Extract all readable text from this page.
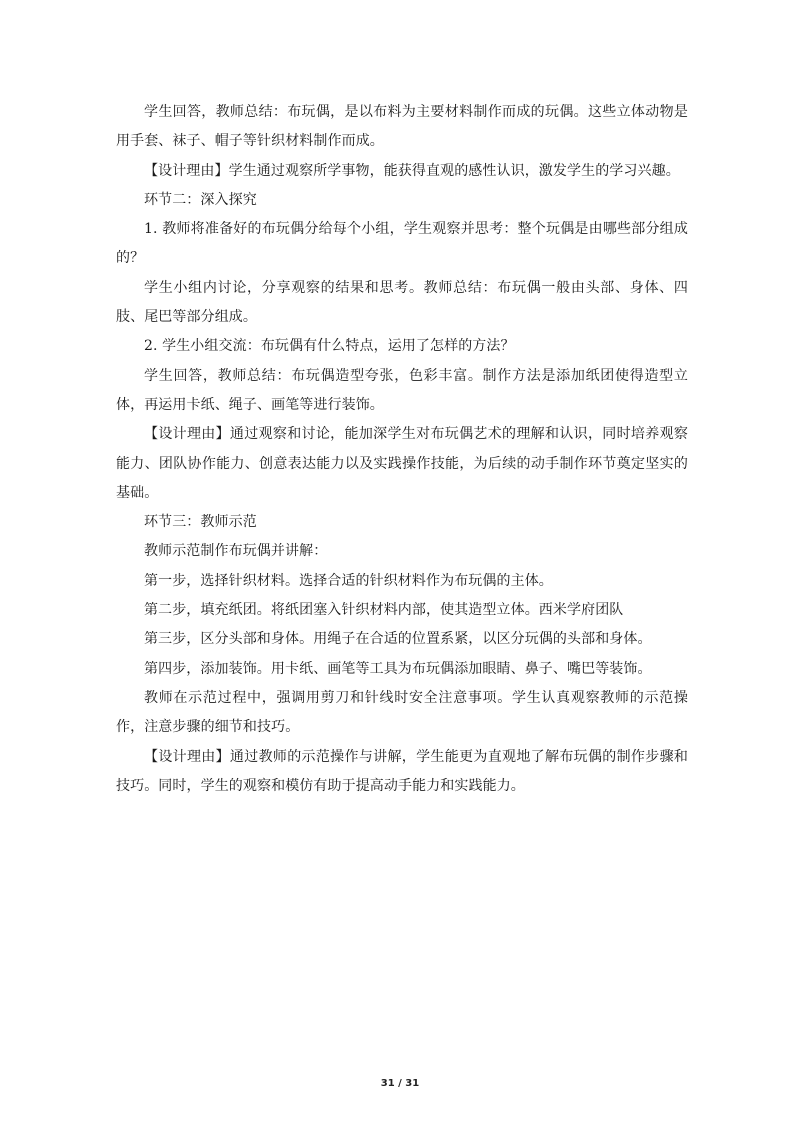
学生回答，教师总结：布玩偶，是以布料为主要材料制作而成的玩偶。这些立体动物是用手套、袜子、帽子等针织材料制作而成。

【设计理由】学生通过观察所学事物，能获得直观的感性认识，激发学生的学习兴趣。

环节二：深入探究

1. 教师将准备好的布玩偶分给每个小组，学生观察并思考：整个玩偶是由哪些部分组成的？

学生小组内讨论，分享观察的结果和思考。教师总结：布玩偶一般由头部、身体、四肢、尾巴等部分组成。

2. 学生小组交流：布玩偶有什么特点，运用了怎样的方法？

学生回答，教师总结：布玩偶造型夸张，色彩丰富。制作方法是添加纸团使得造型立体，再运用卡纸、绳子、画笔等进行装饰。

【设计理由】通过观察和讨论，能加深学生对布玩偶艺术的理解和认识，同时培养观察能力、团队协作能力、创意表达能力以及实践操作技能，为后续的动手制作环节奠定坚实的基础。

环节三：教师示范

教师示范制作布玩偶并讲解：

第一步，选择针织材料。选择合适的针织材料作为布玩偶的主体。

第二步，填充纸团。将纸团塞入针织材料内部，使其造型立体。西米学府团队

第三步，区分头部和身体。用绳子在合适的位置系紧，以区分玩偶的头部和身体。

第四步，添加装饰。用卡纸、画笔等工具为布玩偶添加眼睛、鼻子、嘴巴等装饰。

教师在示范过程中，强调用剪刀和针线时安全注意事项。学生认真观察教师的示范操作，注意步骤的细节和技巧。

【设计理由】通过教师的示范操作与讲解，学生能更为直观地了解布玩偶的制作步骤和技巧。同时，学生的观察和模仿有助于提高动手能力和实践能力。

31 / 31
